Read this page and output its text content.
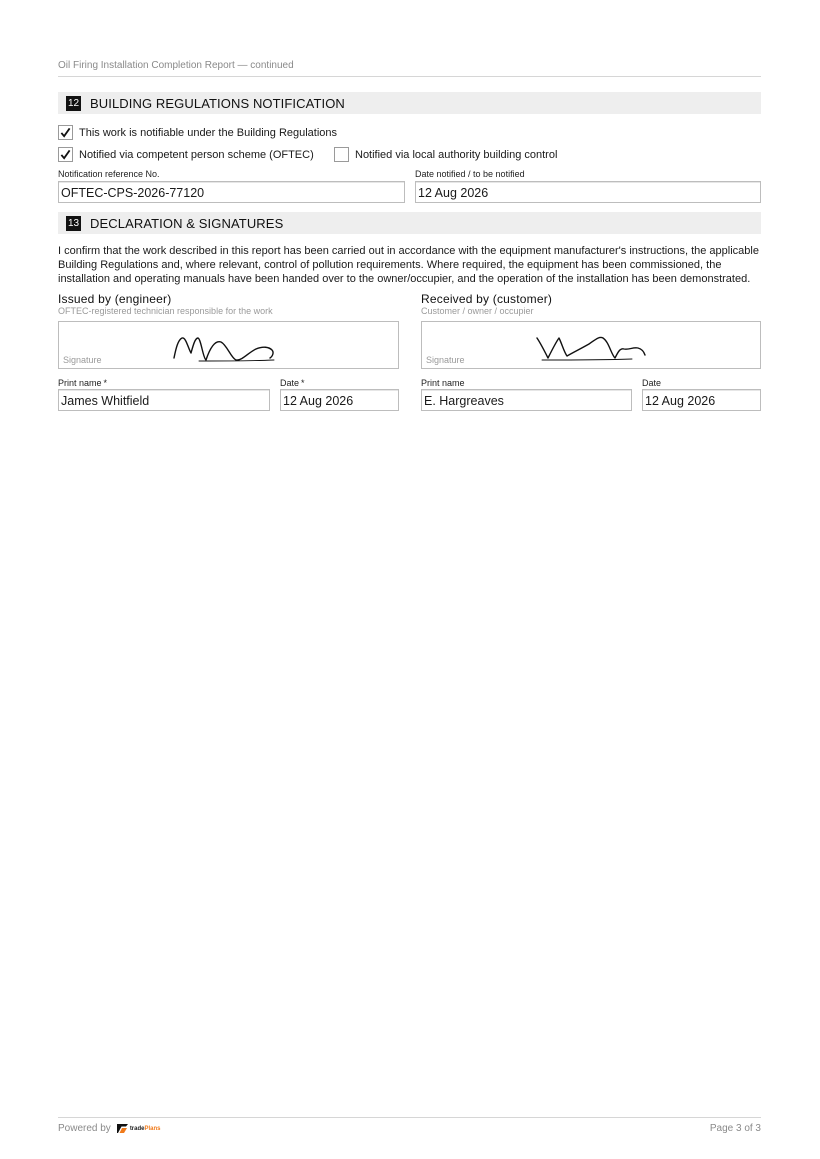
Oil Firing Installation Completion Report — continued
12 BUILDING REGULATIONS NOTIFICATION
This work is notifiable under the Building Regulations
Notified via competent person scheme (OFTEC)	Notified via local authority building control
Notification reference No.
OFTEC-CPS-2026-77120
Date notified / to be notified
12 Aug 2026
13 DECLARATION & SIGNATURES
I confirm that the work described in this report has been carried out in accordance with the equipment manufacturer's instructions, the applicable Building Regulations and, where relevant, control of pollution requirements. Where required, the equipment has been commissioned, the installation and operating manuals have been handed over to the owner/occupier, and the operation of the installation has been demonstrated.
Issued by (engineer)
OFTEC-registered technician responsible for the work
Signature
Print name *
James Whitfield
Date *
12 Aug 2026
Received by (customer)
Customer / owner / occupier
Signature
Print name
E. Hargreaves
Date
12 Aug 2026
Powered by	tradePlans	Page 3 of 3
